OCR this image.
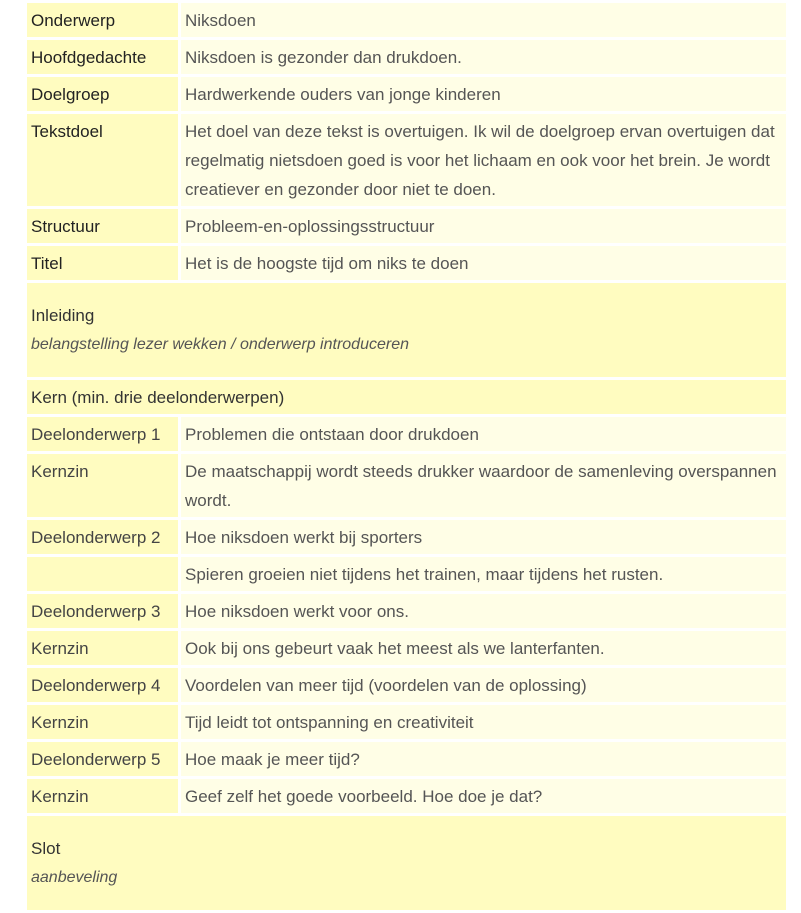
Onderwerp	Niksdoen
Hoofdgedachte	Niksdoen is gezonder dan drukdoen.
Doelgroep	Hardwerkende ouders van jonge kinderen
Tekstdoel	Het doel van deze tekst is overtuigen. Ik wil de doelgroep ervan overtuigen dat regelmatig nietsdoen goed is voor het lichaam en ook voor het brein. Je wordt creatiever en gezonder door niet te doen.
Structuur	Probleem-en-oplossingsstructuur
Titel	Het is de hoogste tijd om niks te doen

Inleiding
belangstelling lezer wekken / onderwerp introduceren	

Kern (min. drie deelonderwerpen)	
Deelonderwerp 1	Problemen die ontstaan door drukdoen
Kernzin	De maatschappij wordt steeds drukker waardoor de samenleving overspannen wordt.
Deelonderwerp 2	Hoe niksdoen werkt bij sporters
	Spieren groeien niet tijdens het trainen, maar tijdens het rusten.
Deelonderwerp 3	Hoe niksdoen werkt voor ons.
Kernzin	Ook bij ons gebeurt vaak het meest als we lanterfanten.
Deelonderwerp 4	Voordelen van meer tijd (voordelen van de oplossing)
Kernzin	Tijd leidt tot ontspanning en creativiteit
Deelonderwerp 5	Hoe maak je meer tijd?
Kernzin	Geef zelf het goede voorbeeld. Hoe doe je dat?

Slot
aanbeveling	
